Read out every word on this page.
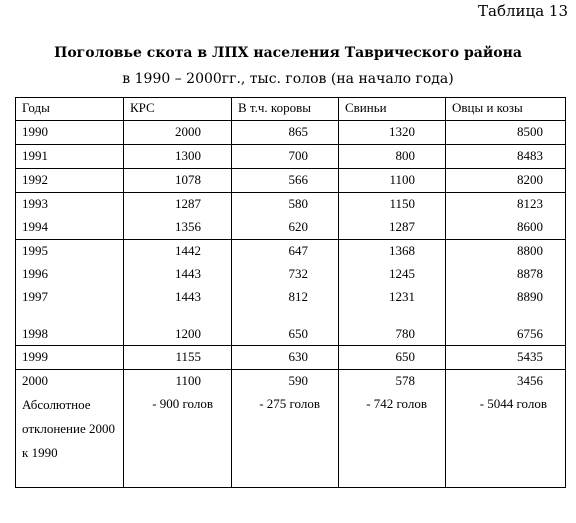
Таблица 13
Поголовье скота в ЛПХ населения Таврического района
в 1990 – 2000гг., тыс. голов (на начало года)
Годы	КРС	В т.ч. коровы	Свиньи	Овцы и козы
1990	2000	865	1320	8500
1991	1300	700	800	8483
1992	1078	566	1100	8200
1993	1287	580	1150	8123
1994	1356	620	1287	8600
1995	1442	647	1368	8800
1996	1443	732	1245	8878
1997	1443	812	1231	8890
1998	1200	650	780	6756
1999	1155	630	650	5435
2000	1100	590	578	3456
Абсолютное отклонение 2000 к 1990	- 900 голов	- 275 голов	- 742 голов	- 5044 голов
